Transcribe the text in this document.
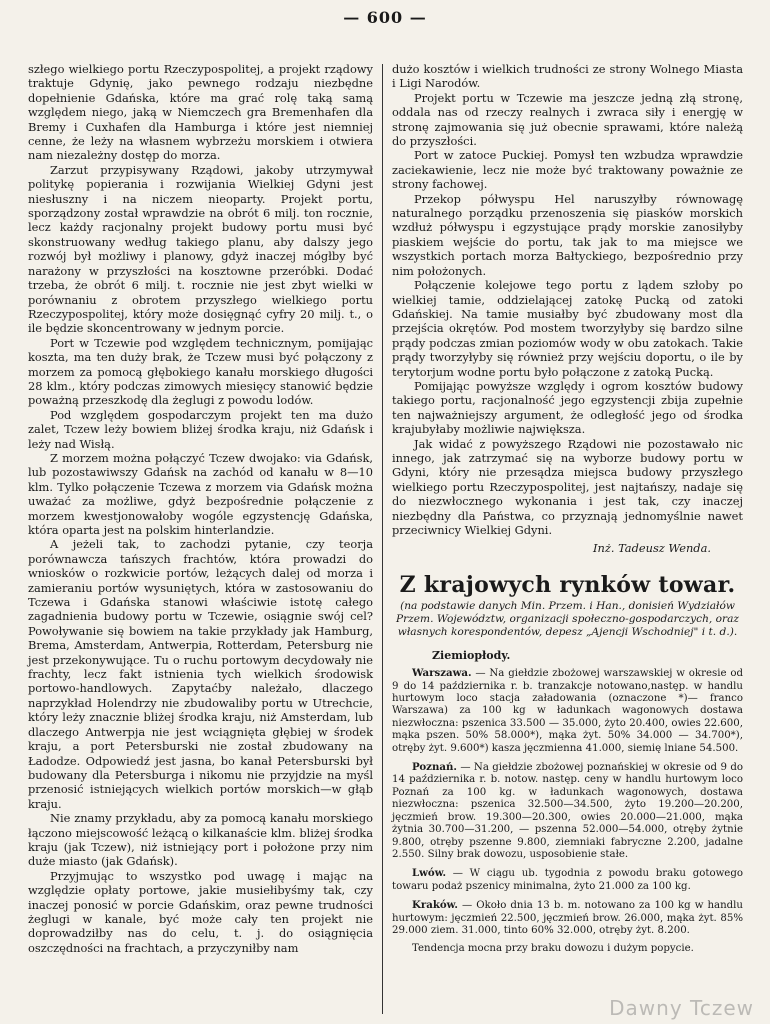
— 600 —

szłego wielkiego portu Rzeczypospolitej, a projekt rządowy traktuje Gdynię, jako pewnego rodzaju niezbędne dopełnienie Gdańska, które ma grać rolę taką samą względem niego, jaką w Niemczech gra Bremenhafen dla Bremy i Cuxhafen dla Hamburga i które jest niemniej cenne, że leży na własnem wybrzeżu morskiem i otwiera nam niezależny dostęp do morza.

Zarzut przypisywany Rządowi, jakoby utrzymywał politykę popierania i rozwijania Wielkiej Gdyni jest niesłuszny i na niczem nieoparty. Projekt portu, sporządzony został wprawdzie na obrót 6 milj. ton rocznie, lecz każdy racjonalny projekt budowy portu musi być skonstruowany według takiego planu, aby dalszy jego rozwój był możliwy i planowy, gdyż inaczej mógłby być narażony w przyszłości na kosztowne przeróbki. Dodać trzeba, że obrót 6 milj. t. rocznie nie jest zbyt wielki w porównaniu z obrotem przyszłego wielkiego portu Rzeczypospolitej, który może dosięgnąć cyfry 20 milj. t., o ile będzie skoncentrowany w jednym porcie.

Port w Tczewie pod względem technicznym, pomijając koszta, ma ten duży brak, że Tczew musi być połączony z morzem za pomocą głębokiego kanału morskiego długości 28 klm., który podczas zimowych miesięcy stanowić będzie poważną przeszkodę dla żeglugi z powodu lodów.

Pod względem gospodarczym projekt ten ma dużo zalet, Tczew leży bowiem bliżej środka kraju, niż Gdańsk i leży nad Wisłą.

Z morzem można połączyć Tczew dwojako: via Gdańsk, lub pozostawiwszy Gdańsk na zachód od kanału w 8—10 klm. Tylko połączenie Tczewa z morzem via Gdańsk można uważać za możliwe, gdyż bezpośrednie połączenie z morzem kwestjonowałoby wogóle egzystencję Gdańska, która oparta jest na polskim hinterlandzie.

A jeżeli tak, to zachodzi pytanie, czy teorja porównawcza tańszych frachtów, która prowadzi do wniosków o rozkwicie portów, leżących dalej od morza i zamieraniu portów wysuniętych, która w zastosowaniu do Tczewa i Gdańska stanowi właściwie istotę całego zagadnienia budowy portu w Tczewie, osiągnie swój cel? Powoływanie się bowiem na takie przykłady jak Hamburg, Brema, Amsterdam, Antwerpia, Rotterdam, Petersburg nie jest przekonywujące. Tu o ruchu portowym decydowały nie frachty, lecz fakt istnienia tych wielkich środowisk portowo-handlowych. Zapytaćby należało, dlaczego naprzykład Holendrzy nie zbudowaliby portu w Utrechcie, który leży znacznie bliżej środka kraju, niż Amsterdam, lub dlaczego Antwerpja nie jest wciągnięta głębiej w środek kraju, a port Petersburski nie został zbudowany na Ładodze. Odpowiedź jest jasna, bo kanał Petersburski był budowany dla Petersburga i nikomu nie przyjdzie na myśl przenosić istniejących wielkich portów morskich—w głąb kraju.

Nie znamy przykładu, aby za pomocą kanału morskiego łączono miejscowość leżącą o kilkanaście klm. bliżej środka kraju (jak Tczew), niż istniejący port i położone przy nim duże miasto (jak Gdańsk).

Przyjmując to wszystko pod uwagę i mając na względzie opłaty portowe, jakie musiełibyśmy tak, czy inaczej ponosić w porcie Gdańskim, oraz pewne trudności żeglugi w kanale, być może cały ten projekt nie doprowadziłby nas do celu, t. j. do osiągnięcia oszczędności na frachtach, a przyczyniłby nam

dużo kosztów i wielkich trudności ze strony Wolnego Miasta i Ligi Narodów.

Projekt portu w Tczewie ma jeszcze jedną złą stronę, oddala nas od rzeczy realnych i zwraca siły i energję w stronę zajmowania się już obecnie sprawami, które należą do przyszłości.

Port w zatoce Puckiej. Pomysł ten wzbudza wprawdzie zaciekawienie, lecz nie może być traktowany poważnie ze strony fachowej.

Przekop półwyspu Hel naruszyłby równowagę naturalnego porządku przenoszenia się piasków morskich wzdłuż półwyspu i egzystujące prądy morskie zanosiłyby piaskiem wejście do portu, tak jak to ma miejsce we wszystkich portach morza Bałtyckiego, bezpośrednio przy nim położonych.

Połączenie kolejowe tego portu z lądem szłoby po wielkiej tamie, oddzielającej zatokę Pucką od zatoki Gdańskiej. Na tamie musiałby być zbudowany most dla przejścia okrętów. Pod mostem tworzyłyby się bardzo silne prądy podczas zmian poziomów wody w obu zatokach. Takie prądy tworzyłyby się również przy wejściu doportu, o ile by terytorjum wodne portu było połączone z zatoką Pucką.

Pomijając powyższe względy i ogrom kosztów budowy takiego portu, racjonalność jego egzystencji zbija zupełnie ten najważniejszy argument, że odległość jego od środka krajubyłaby możliwie największa.

Jak widać z powyższego Rządowi nie pozostawało nic innego, jak zatrzymać się na wyborze budowy portu w Gdyni, który nie przesądza miejsca budowy przyszłego wielkiego portu Rzeczypospolitej, jest najtańszy, nadaje się do niezwłocznego wykonania i jest tak, czy inaczej niezbędny dla Państwa, co przyznają jednomyślnie nawet przeciwnicy Wielkiej Gdyni.

Inż. Tadeusz Wenda.
Z krajowych rynków towar.
(na podstawie danych Min. Przem. i Han., donisień Wydziałów Przem. Województw, organizacji społeczno-gospodarczych, oraz własnych korespondentów, depesz „Ajencji Wschodniej" i t. d.).
Ziemiopłody.

Warszawa. — Na giełdzie zbożowej warszawskiej w okresie od 9 do 14 października r. b. tranzakcje notowano,następ. w handlu hurtowym loco stacja załadowania (oznaczone *)— franco Warszawa) za 100 kg w ładunkach wagonowych dostawa niezwłoczna: pszenica 33.500 — 35.000, żyto 20.400, owies 22.600, mąka pszen. 50% 58.000*), mąka żyt. 50% 34.000 — 34.700*), otręby żyt. 9.600*) kasza jęczmienna 41.000, siemię lniane 54.500.

Poznań. — Na giełdzie zbożowej poznańskiej w okresie od 9 do 14 października r. b. notow. następ. ceny w handlu hurtowym loco Poznań za 100 kg. w ładunkach wagonowych, dostawa niezwłoczna: pszenica 32.500—34.500, żyto 19.200—20.200, jęczmień brow. 19.300—20.300, owies 20.000—21.000, mąka żytnia 30.700—31.200, — pszenna 52.000—54.000, otręby żytnie 9.800, otręby pszenne 9.800, ziemniaki fabryczne 2.200, jadalne 2.550. Silny brak dowozu, usposobienie stałe.

Lwów. — W ciągu ub. tygodnia z powodu braku gotowego towaru podaż pszenicy minimalna, żyto 21.000 za 100 kg.

Kraków. — Około dnia 13 b. m. notowano za 100 kg w handlu hurtowym: jęczmień 22.500, jęczmień brow. 26.000, mąka żyt. 85% 29.000 ziem. 31.000, tinto 60% 32.000, otręby żyt. 8.200.

Tendencja mocna przy braku dowozu i dużym popycie.

Dawny Tczew
